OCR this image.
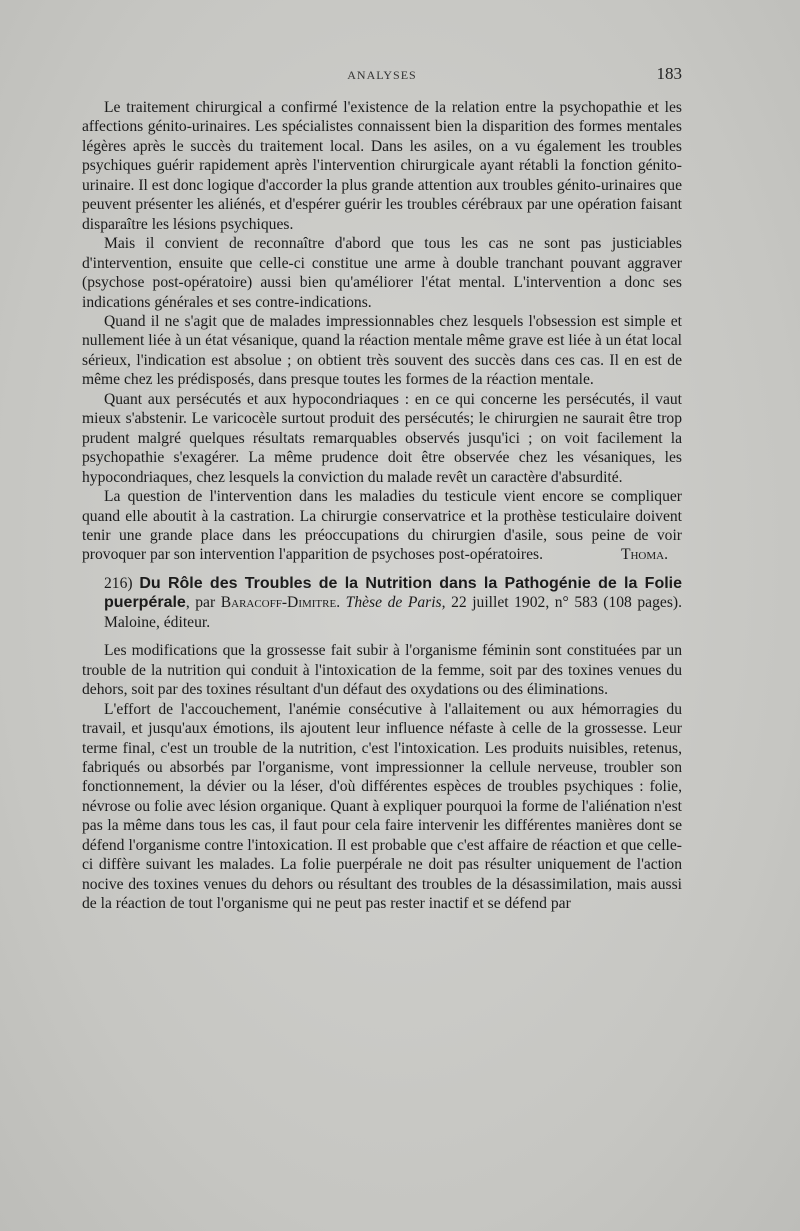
ANALYSES	183

Le traitement chirurgical a confirmé l'existence de la relation entre la psychopathie et les affections génito-urinaires. Les spécialistes connaissent bien la disparition des formes mentales légères après le succès du traitement local. Dans les asiles, on a vu également les troubles psychiques guérir rapidement après l'intervention chirurgicale ayant rétabli la fonction génito-urinaire. Il est donc logique d'accorder la plus grande attention aux troubles génito-urinaires que peuvent présenter les aliénés, et d'espérer guérir les troubles cérébraux par une opération faisant disparaître les lésions psychiques.

Mais il convient de reconnaître d'abord que tous les cas ne sont pas justiciables d'intervention, ensuite que celle-ci constitue une arme à double tranchant pouvant aggraver (psychose post-opératoire) aussi bien qu'améliorer l'état mental. L'intervention a donc ses indications générales et ses contre-indications.

Quand il ne s'agit que de malades impressionnables chez lesquels l'obsession est simple et nullement liée à un état vésanique, quand la réaction mentale même grave est liée à un état local sérieux, l'indication est absolue ; on obtient très souvent des succès dans ces cas. Il en est de même chez les prédisposés, dans presque toutes les formes de la réaction mentale.

Quant aux persécutés et aux hypocondriaques : en ce qui concerne les persécutés, il vaut mieux s'abstenir. Le varicocèle surtout produit des persécutés; le chirurgien ne saurait être trop prudent malgré quelques résultats remarquables observés jusqu'ici ; on voit facilement la psychopathie s'exagérer. La même prudence doit être observée chez les vésaniques, les hypocondriaques, chez lesquels la conviction du malade revêt un caractère d'absurdité.

La question de l'intervention dans les maladies du testicule vient encore se compliquer quand elle aboutit à la castration. La chirurgie conservatrice et la prothèse testiculaire doivent tenir une grande place dans les préoccupations du chirurgien d'asile, sous peine de voir provoquer par son intervention l'apparition de psychoses post-opératoires.	Thoma.

216) Du Rôle des Troubles de la Nutrition dans la Pathogénie de la Folie puerpérale, par Baracoff-Dimitre. Thèse de Paris, 22 juillet 1902, n° 583 (108 pages). Maloine, éditeur.

Les modifications que la grossesse fait subir à l'organisme féminin sont constituées par un trouble de la nutrition qui conduit à l'intoxication de la femme, soit par des toxines venues du dehors, soit par des toxines résultant d'un défaut des oxydations ou des éliminations.

L'effort de l'accouchement, l'anémie consécutive à l'allaitement ou aux hémorragies du travail, et jusqu'aux émotions, ils ajoutent leur influence néfaste à celle de la grossesse. Leur terme final, c'est un trouble de la nutrition, c'est l'intoxication. Les produits nuisibles, retenus, fabriqués ou absorbés par l'organisme, vont impressionner la cellule nerveuse, troubler son fonctionnement, la dévier ou la léser, d'où différentes espèces de troubles psychiques : folie, névrose ou folie avec lésion organique. Quant à expliquer pourquoi la forme de l'aliénation n'est pas la même dans tous les cas, il faut pour cela faire intervenir les différentes manières dont se défend l'organisme contre l'intoxication. Il est probable que c'est affaire de réaction et que celle-ci diffère suivant les malades. La folie puerpérale ne doit pas résulter uniquement de l'action nocive des toxines venues du dehors ou résultant des troubles de la désassimilation, mais aussi de la réaction de tout l'organisme qui ne peut pas rester inactif et se défend par
